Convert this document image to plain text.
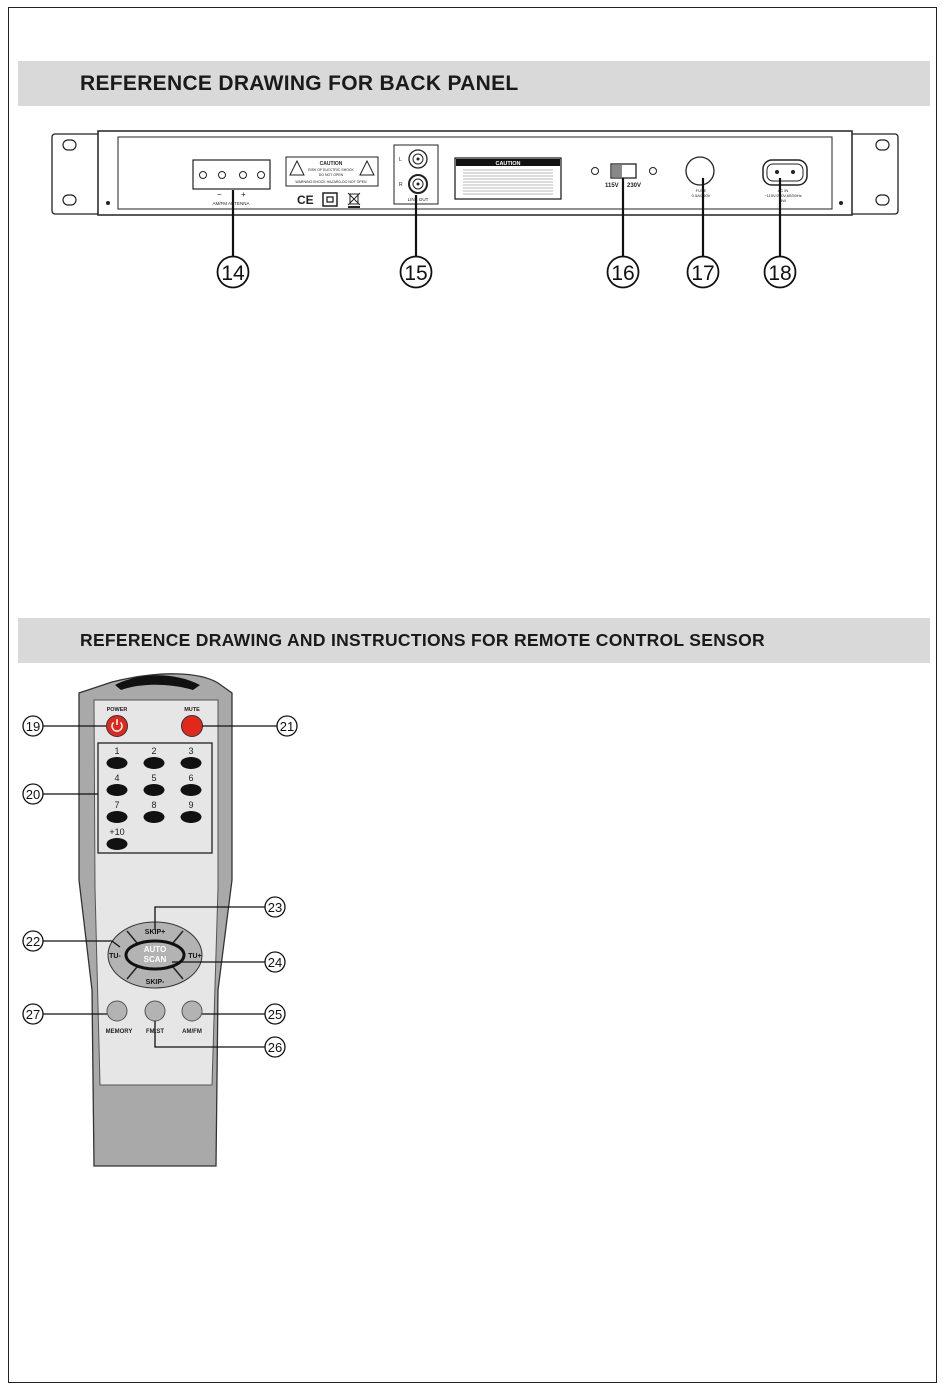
REFERENCE DRAWING FOR BACK PANEL
REFERENCE DRAWING AND INSTRUCTIONS FOR REMOTE CONTROL SENSOR
− +
AM/FM ANTENNA
CAUTION
RISK OF ELECTRIC SHOCK
DO NOT OPEN
WARNING:SHOCK HAZARD-DO NOT OPEN
CE
L
R
LINE OUT
CAUTION
115V 230V
FUSE
0.5A/250V
AC IN
~115V/230V,60/50Hz
5W
14	15	16	17	18
POWER	MUTE
1	2	3
4	5	6
7	8	9
+10
AUTO
SCAN
SKIP+
SKIP-
TU-	TU+
MEMORY FM.ST	AM/FM
19
20
21
22
23
24
25
26
27
